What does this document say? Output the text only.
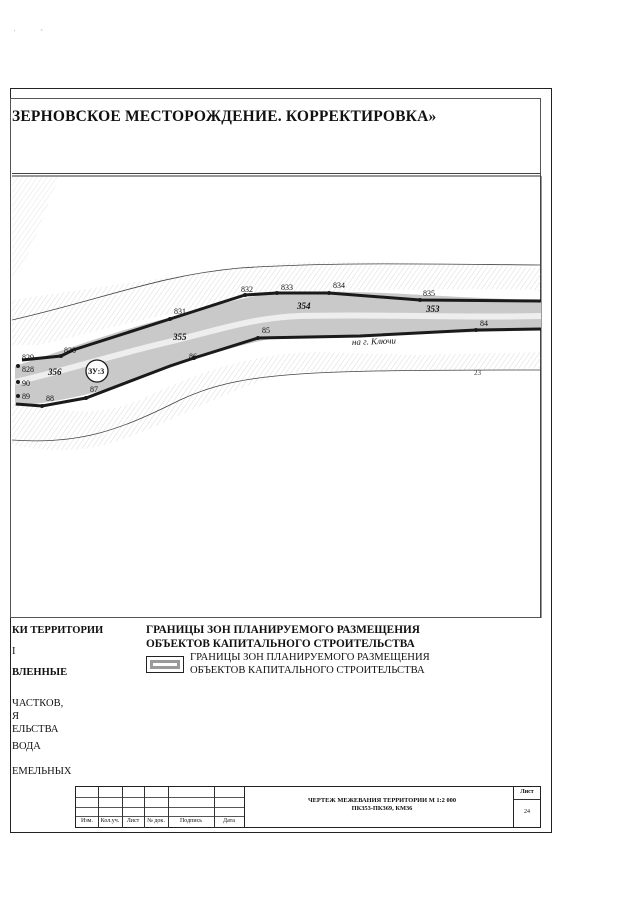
' ˆ
ЗЕРНОВСКОЕ МЕСТОРОЖДЕНИЕ. КОРРЕКТИРОВКА»
829
828
830
831
832	833	834
835
84
85
86
87
88
89
90
356
355
354	353
ЗУ:3
на г. Ключи
23
КИ ТЕРРИТОРИИ
I
ВЛЕННЫЕ
ЧАСТКОВ,
Я
ЕЛЬСТВА
ВОДА
ЕМЕЛЬНЫХ
ГРАНИЦЫ ЗОН ПЛАНИРУЕМОГО РАЗМЕЩЕНИЯ
ОБЪЕКТОВ КАПИТАЛЬНОГО СТРОИТЕЛЬСТВА
ГРАНИЦЫ ЗОН ПЛАНИРУЕМОГО РАЗМЕЩЕНИЯ
ОБЪЕКТОВ КАПИТАЛЬНОГО СТРОИТЕЛЬСТВА
Изм.	Кол.уч.	Лист	№ док.	Подпись	Дата
ЧЕРТЕЖ МЕЖЕВАНИЯ ТЕРРИТОРИИ М 1:2 000
ПК353-ПК369, КМ36
Лист
24
